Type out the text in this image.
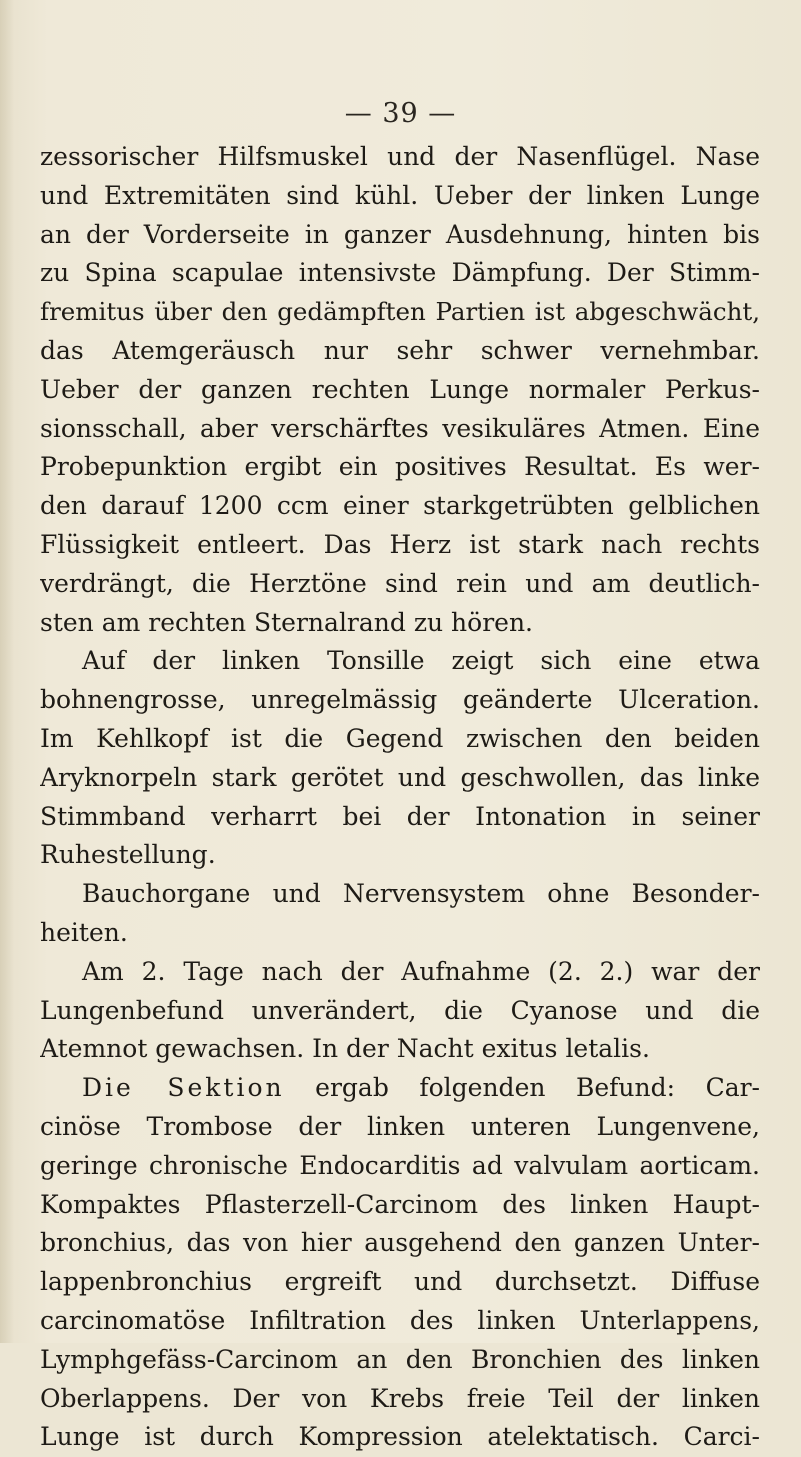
— 39 —

zessorischer Hilfsmuskel und der Nasenflügel. Nase

und Extremitäten sind kühl. Ueber der linken Lunge

an der Vorderseite in ganzer Ausdehnung, hinten bis

zu Spina scapulae intensivste Dämpfung. Der Stimm-

fremitus über den gedämpften Partien ist abgeschwächt,

das Atemgeräusch nur sehr schwer vernehmbar.

Ueber der ganzen rechten Lunge normaler Perkus-

sionsschall, aber verschärftes vesikuläres Atmen. Eine

Probepunktion ergibt ein positives Resultat. Es wer-

den darauf 1200 ccm einer starkgetrübten gelblichen

Flüssigkeit entleert. Das Herz ist stark nach rechts

verdrängt, die Herztöne sind rein und am deutlich-

sten am rechten Sternalrand zu hören.

Auf der linken Tonsille zeigt sich eine etwa

bohnengrosse, unregelmässig geänderte Ulceration.

Im Kehlkopf ist die Gegend zwischen den beiden

Aryknorpeln stark gerötet und geschwollen, das linke

Stimmband verharrt bei der Intonation in seiner

Ruhestellung.

Bauchorgane und Nervensystem ohne Besonder-

heiten.

Am 2. Tage nach der Aufnahme (2. 2.) war der

Lungenbefund unverändert, die Cyanose und die

Atemnot gewachsen. In der Nacht exitus letalis.

Die Sektion ergab folgenden Befund: Car-

cinöse Trombose der linken unteren Lungenvene,

geringe chronische Endocarditis ad valvulam aorticam.

Kompaktes Pflasterzell-Carcinom des linken Haupt-

bronchius, das von hier ausgehend den ganzen Unter-

lappenbronchius ergreift und durchsetzt. Diffuse

carcinomatöse Infiltration des linken Unterlappens,

Lymphgefäss-Carcinom an den Bronchien des linken

Oberlappens. Der von Krebs freie Teil der linken

Lunge ist durch Kompression atelektatisch. Carci-
